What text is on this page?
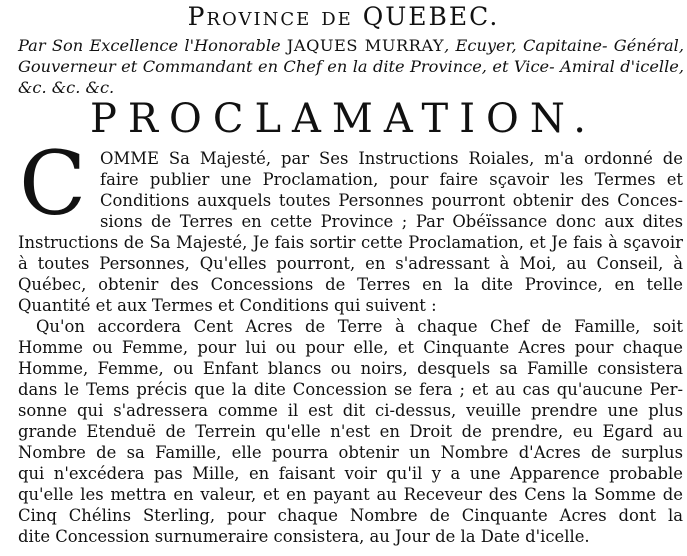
Province de QUEBEC.
Par Son Excellence l'Honorable JAQUES MURRAY, Ecuyer, Capitaine- Général, Gouverneur et Commandant en Chef en la dite Province, et Vice- Amiral d'icelle, &c. &c. &c.
PROCLAMATION.
C OMME Sa Majesté, par Ses Instructions Roiales, m'a ordonné de
faire publier une Proclamation, pour faire sçavoir les Termes et
Conditions auxquels toutes Personnes pourront obtenir des Conces-
sions de Terres en cette Province ; Par Obéïssance donc aux dites
Instructions de Sa Majesté, Je fais sortir cette Proclamation, et Je fais à sçavoir
à toutes Personnes, Qu'elles pourront, en s'adressant à Moi, au Conseil, à
Québec, obtenir des Concessions de Terres en la dite Province, en telle
Quantité et aux Termes et Conditions qui suivent :
Qu'on accordera Cent Acres de Terre à chaque Chef de Famille, soit
Homme ou Femme, pour lui ou pour elle, et Cinquante Acres pour chaque
Homme, Femme, ou Enfant blancs ou noirs, desquels sa Famille consistera
dans le Tems précis que la dite Concession se fera ; et au cas qu'aucune Per-
sonne qui s'adressera comme il est dit ci-dessus, veuille prendre une plus
grande Etenduë de Terrein qu'elle n'est en Droit de prendre, eu Egard au
Nombre de sa Famille, elle pourra obtenir un Nombre d'Acres de surplus
qui n'excédera pas Mille, en faisant voir qu'il y a une Apparence probable
qu'elle les mettra en valeur, et en payant au Receveur des Cens la Somme de
Cinq Chélins Sterling, pour chaque Nombre de Cinquante Acres dont la
dite Concession surnumeraire consistera, au Jour de la Date d'icelle.
